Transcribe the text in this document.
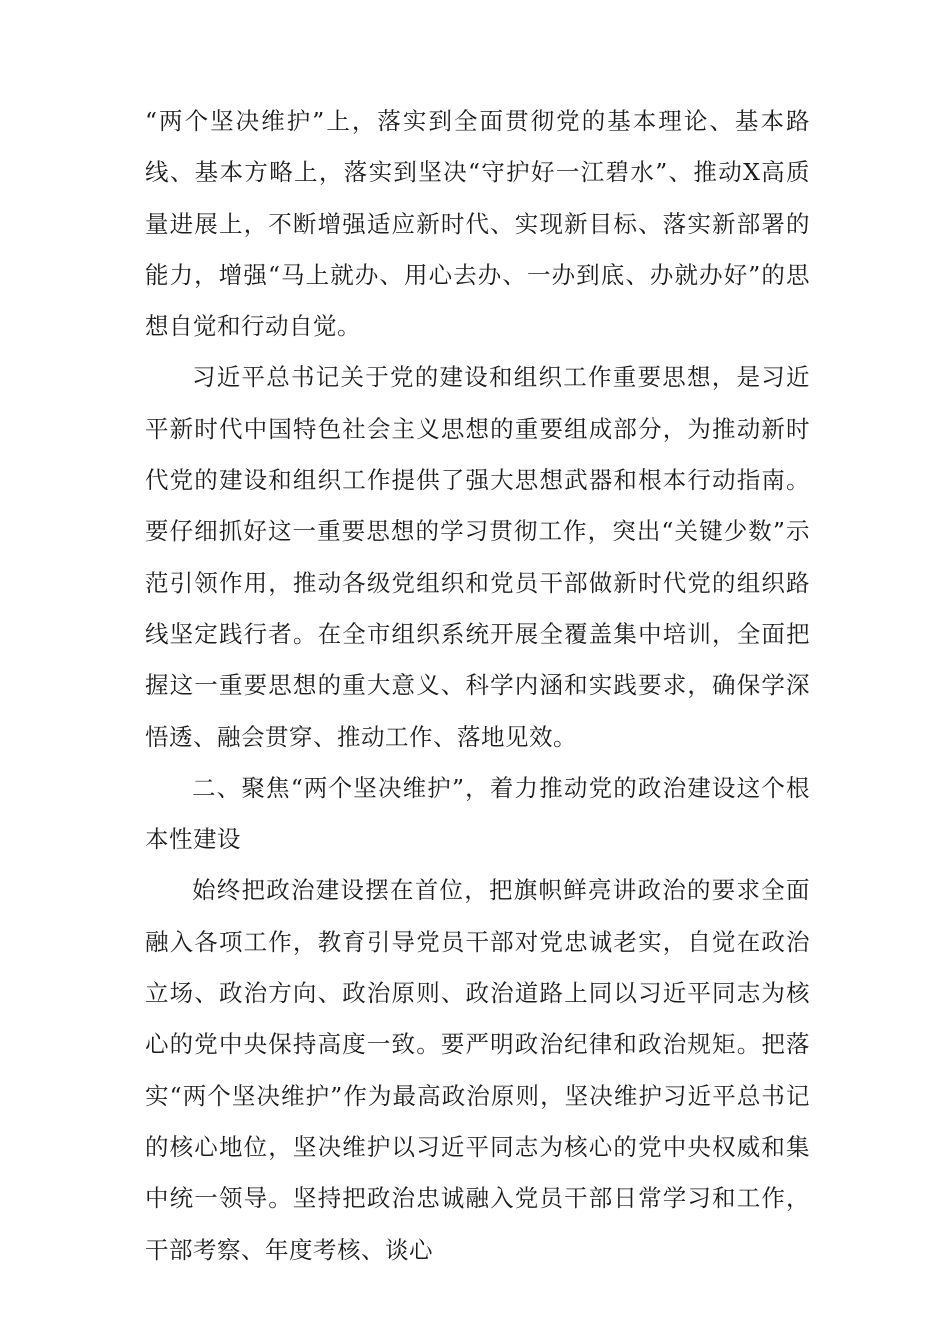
“两个坚决维护”上，落实到全面贯彻党的基本理论、基本路线、基本方略上，落实到坚决“守护好一江碧水”、推动X高质量进展上，不断增强适应新时代、实现新目标、落实新部署的能力，增强“马上就办、用心去办、一办到底、办就办好”的思想自觉和行动自觉。

习近平总书记关于党的建设和组织工作重要思想，是习近平新时代中国特色社会主义思想的重要组成部分，为推动新时代党的建设和组织工作提供了强大思想武器和根本行动指南。要仔细抓好这一重要思想的学习贯彻工作，突出“关键少数”示范引领作用，推动各级党组织和党员干部做新时代党的组织路线坚定践行者。在全市组织系统开展全覆盖集中培训，全面把握这一重要思想的重大意义、科学内涵和实践要求，确保学深悟透、融会贯穿、推动工作、落地见效。

二、聚焦“两个坚决维护”，着力推动党的政治建设这个根本性建设

始终把政治建设摆在首位，把旗帜鲜亮讲政治的要求全面融入各项工作，教育引导党员干部对党忠诚老实，自觉在政治立场、政治方向、政治原则、政治道路上同以习近平同志为核心的党中央保持高度一致。要严明政治纪律和政治规矩。把落实“两个坚决维护”作为最高政治原则，坚决维护习近平总书记的核心地位，坚决维护以习近平同志为核心的党中央权威和集中统一领导。坚持把政治忠诚融入党员干部日常学习和工作，干部考察、年度考核、谈心
